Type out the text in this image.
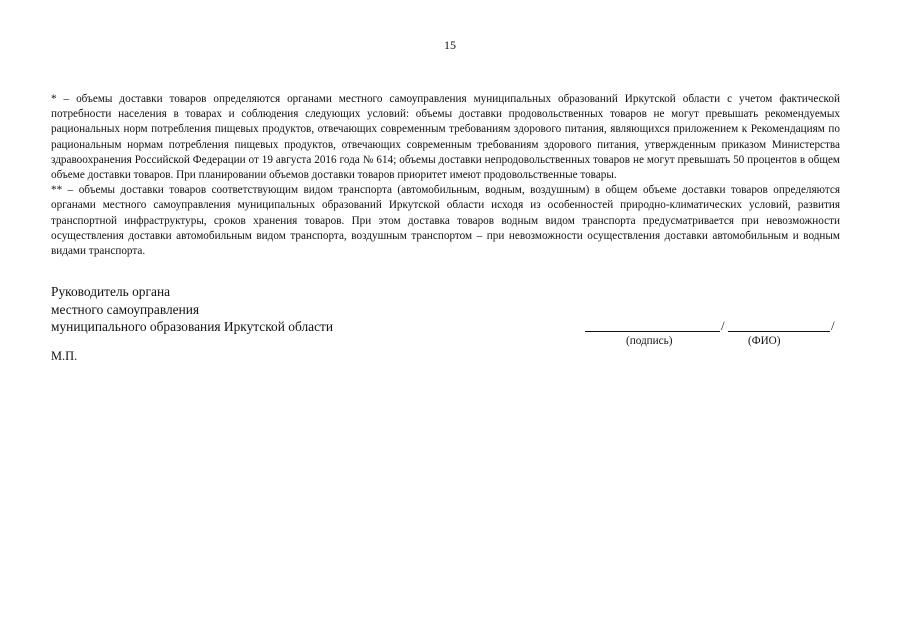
15

* – объемы доставки товаров определяются органами местного самоуправления муниципальных образований Иркутской области с учетом фактической потребности населения в товарах и соблюдения следующих условий: объемы доставки продовольственных товаров не могут превышать рекомендуемых рациональных норм потребления пищевых продуктов, отвечающих современным требованиям здорового питания, являющихся приложением к Рекомендациям по рациональным нормам потребления пищевых продуктов, отвечающих современным требованиям здорового питания, утвержденным приказом Министерства здравоохранения Российской Федерации от 19 августа 2016 года № 614; объемы доставки непродовольственных товаров не могут превышать 50 процентов в общем объеме доставки товаров. При планировании объемов доставки товаров приоритет имеют продовольственные товары.

** – объемы доставки товаров соответствующим видом транспорта (автомобильным, водным, воздушным) в общем объеме доставки товаров определяются органами местного самоуправления муниципальных образований Иркутской области исходя из особенностей природно-климатических условий, развития транспортной инфраструктуры, сроков хранения товаров. При этом доставка товаров водным видом транспорта предусматривается при невозможности осуществления доставки автомобильным видом транспорта, воздушным транспортом – при невозможности осуществления доставки автомобильным и водным видами транспорта.

Руководитель органа
местного самоуправления
муниципального образования Иркутской области	/	/
(подпись)	(ФИО)
М.П.
